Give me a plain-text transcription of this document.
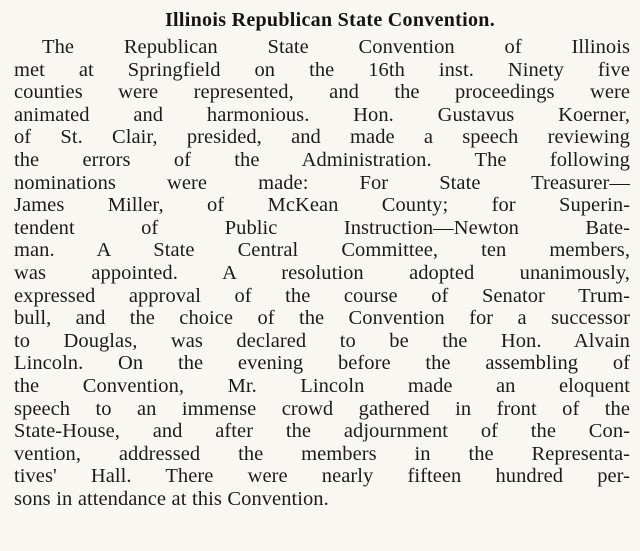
Illinois Republican State Convention.
The Republican State Convention of Illinois
met at Springfield on the 16th inst. Ninety five
counties were represented, and the proceedings were
animated and harmonious. Hon. Gustavus Koerner,
of St. Clair, presided, and made a speech reviewing
the errors of the Administration. The following
nominations were made: For State Treasurer—
James Miller, of McKean County; for Superin-
tendent of Public Instruction—Newton Bate-
man. A State Central Committee, ten members,
was appointed. A resolution adopted unanimously,
expressed approval of the course of Senator Trum-
bull, and the choice of the Convention for a successor
to Douglas, was declared to be the Hon. Alvain
Lincoln. On the evening before the assembling of
the Convention, Mr. Lincoln made an eloquent
speech to an immense crowd gathered in front of the
State-House, and after the adjournment of the Con-
vention, addressed the members in the Representa-
tives' Hall. There were nearly fifteen hundred per-
sons in attendance at this Convention.
